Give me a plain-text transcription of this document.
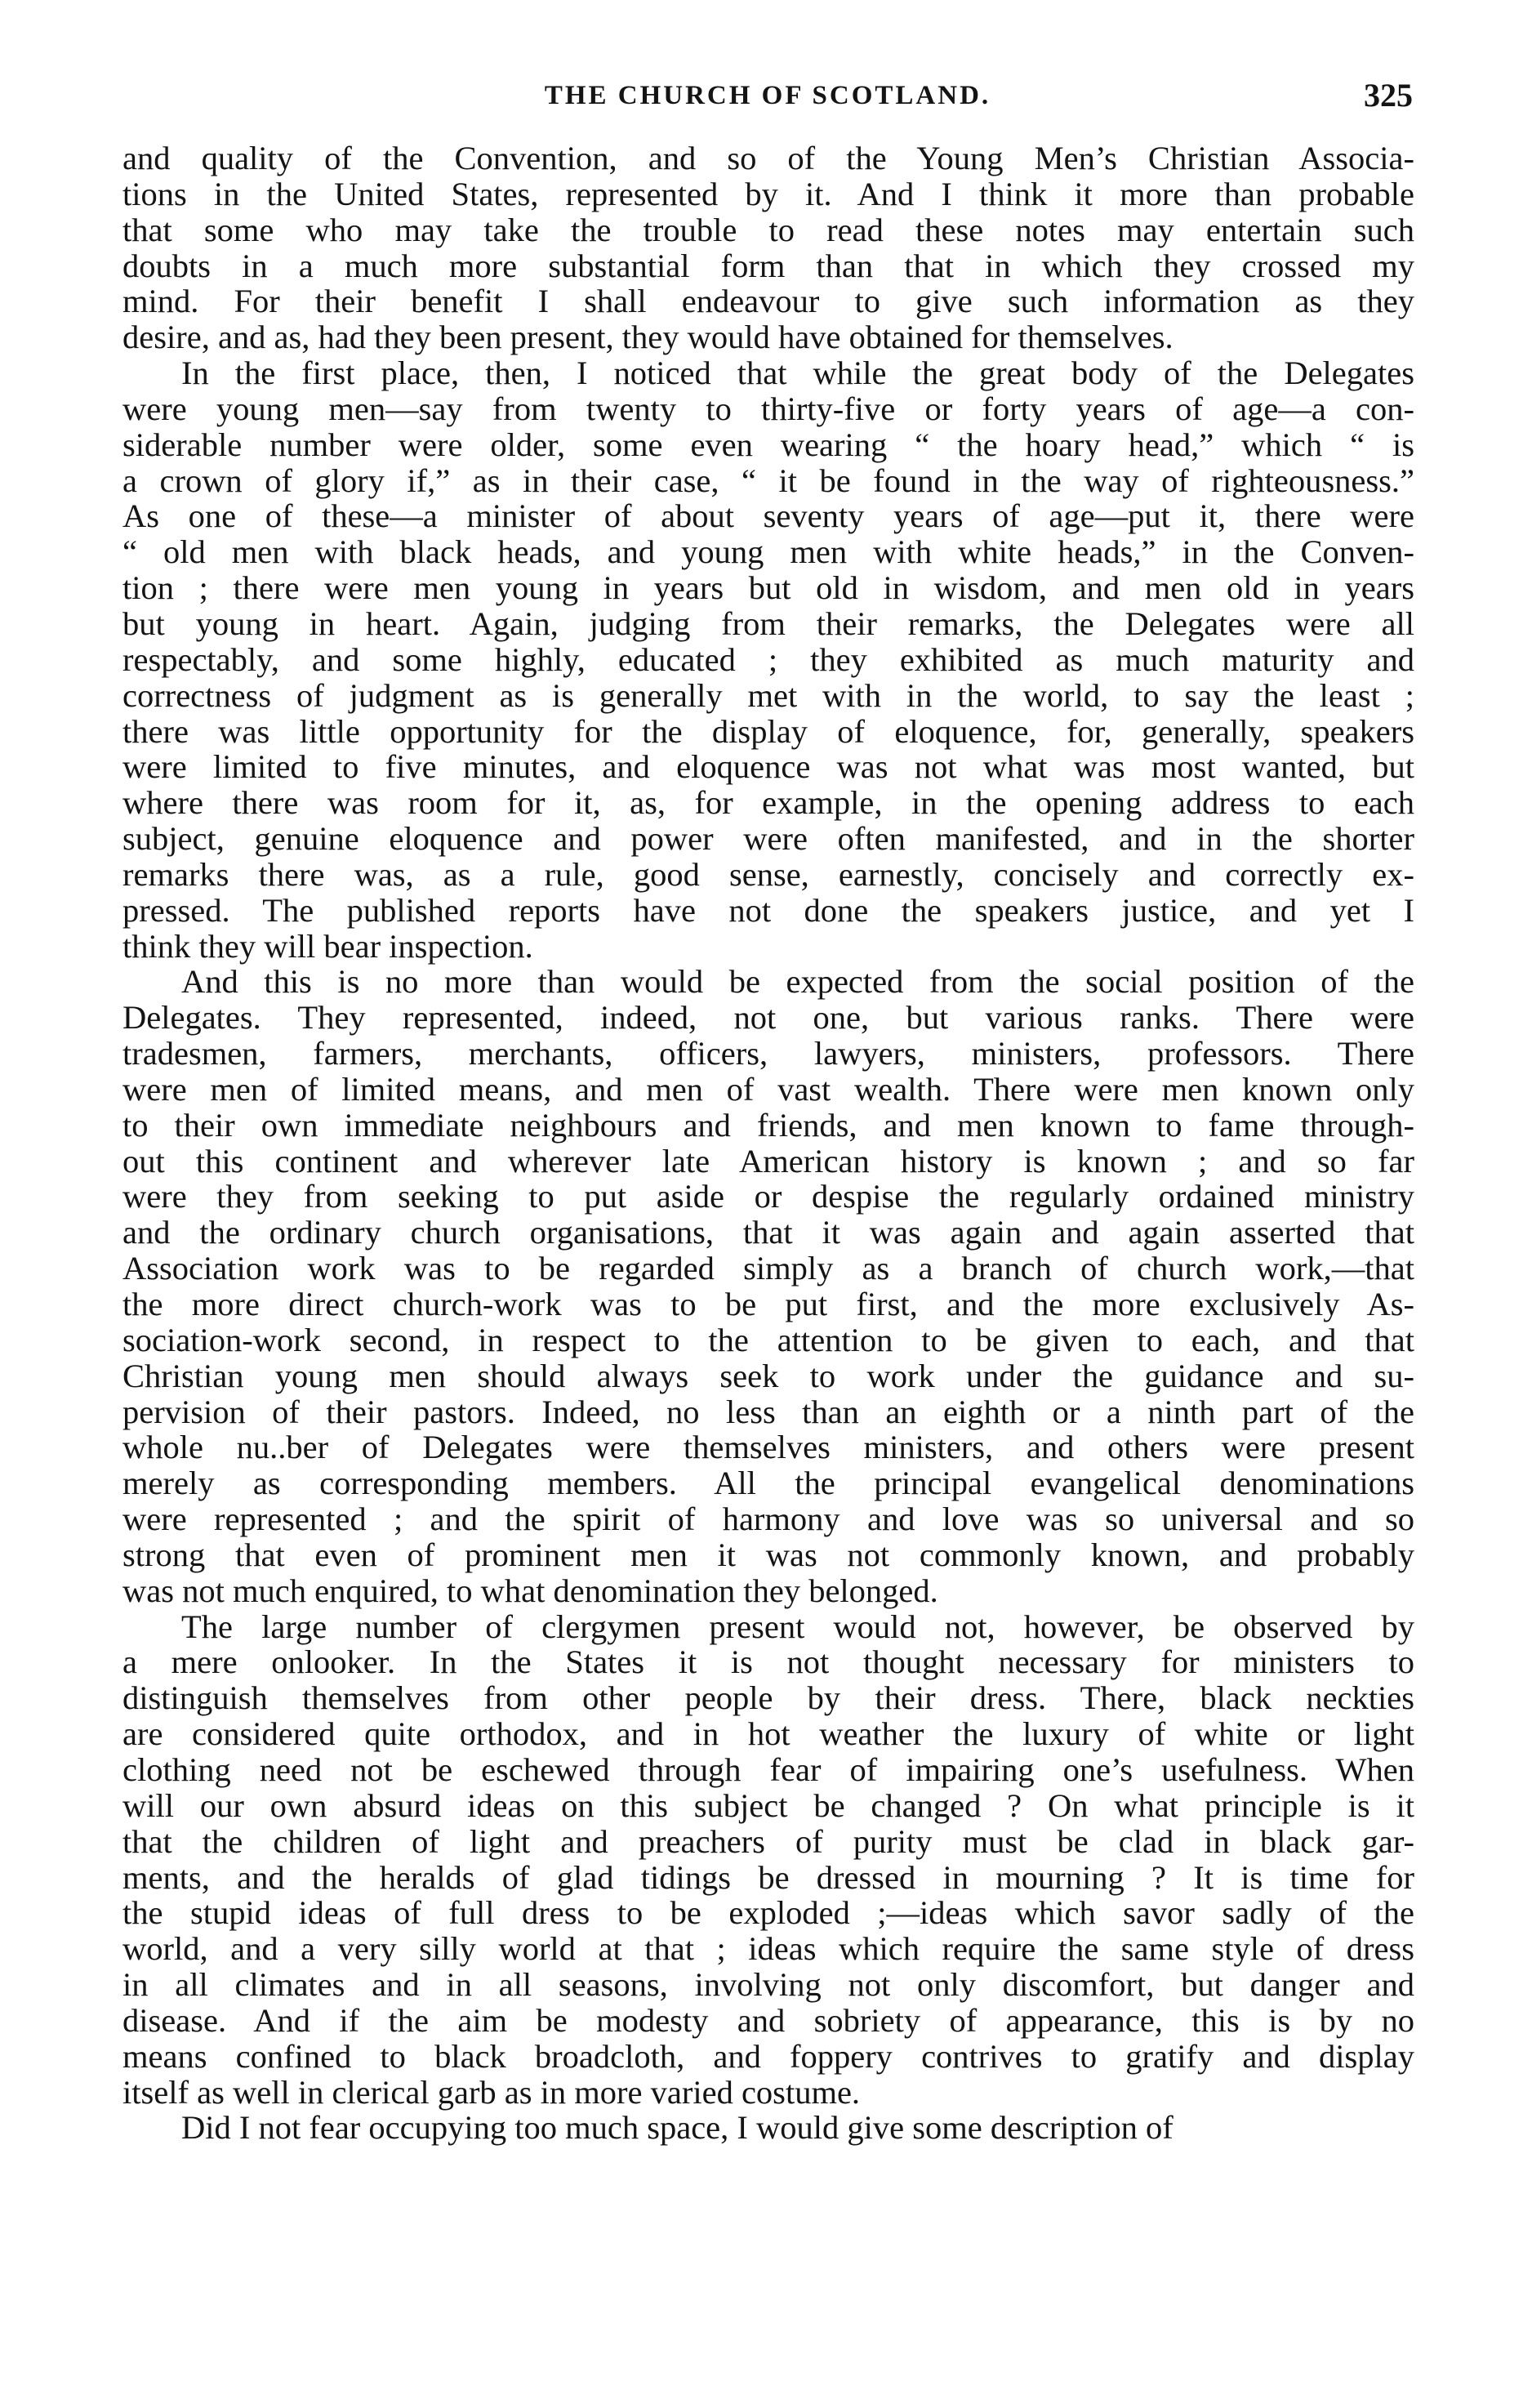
THE CHURCH OF SCOTLAND.	325
and quality of the Convention, and so of the Young Men’s Christian Associa-
tions in the United States, represented by it. And I think it more than probable
that some who may take the trouble to read these notes may entertain such
doubts in a much more substantial form than that in which they crossed my
mind. For their benefit I shall endeavour to give such information as they
desire, and as, had they been present, they would have obtained for themselves.
In the first place, then, I noticed that while the great body of the Delegates
were young men—say from twenty to thirty-five or forty years of age—a con-
siderable number were older, some even wearing “ the hoary head,” which “ is
a crown of glory if,” as in their case, “ it be found in the way of righteousness.”
As one of these—a minister of about seventy years of age—put it, there were
“ old men with black heads, and young men with white heads,” in the Conven-
tion ; there were men young in years but old in wisdom, and men old in years
but young in heart. Again, judging from their remarks, the Delegates were all
respectably, and some highly, educated ; they exhibited as much maturity and
correctness of judgment as is generally met with in the world, to say the least ;
there was little opportunity for the display of eloquence, for, generally, speakers
were limited to five minutes, and eloquence was not what was most wanted, but
where there was room for it, as, for example, in the opening address to each
subject, genuine eloquence and power were often manifested, and in the shorter
remarks there was, as a rule, good sense, earnestly, concisely and correctly ex-
pressed. The published reports have not done the speakers justice, and yet I
think they will bear inspection.
And this is no more than would be expected from the social position of the
Delegates. They represented, indeed, not one, but various ranks. There were
tradesmen, farmers, merchants, officers, lawyers, ministers, professors. There
were men of limited means, and men of vast wealth. There were men known only
to their own immediate neighbours and friends, and men known to fame through-
out this continent and wherever late American history is known ; and so far
were they from seeking to put aside or despise the regularly ordained ministry
and the ordinary church organisations, that it was again and again asserted that
Association work was to be regarded simply as a branch of church work,—that
the more direct church-work was to be put first, and the more exclusively As-
sociation-work second, in respect to the attention to be given to each, and that
Christian young men should always seek to work under the guidance and su-
pervision of their pastors. Indeed, no less than an eighth or a ninth part of the
whole nu..ber of Delegates were themselves ministers, and others were present
merely as corresponding members. All the principal evangelical denominations
were represented ; and the spirit of harmony and love was so universal and so
strong that even of prominent men it was not commonly known, and probably
was not much enquired, to what denomination they belonged.
The large number of clergymen present would not, however, be observed by
a mere onlooker. In the States it is not thought necessary for ministers to
distinguish themselves from other people by their dress. There, black neckties
are considered quite orthodox, and in hot weather the luxury of white or light
clothing need not be eschewed through fear of impairing one’s usefulness. When
will our own absurd ideas on this subject be changed ? On what principle is it
that the children of light and preachers of purity must be clad in black gar-
ments, and the heralds of glad tidings be dressed in mourning ? It is time for
the stupid ideas of full dress to be exploded ;—ideas which savor sadly of the
world, and a very silly world at that ; ideas which require the same style of dress
in all climates and in all seasons, involving not only discomfort, but danger and
disease. And if the aim be modesty and sobriety of appearance, this is by no
means confined to black broadcloth, and foppery contrives to gratify and display
itself as well in clerical garb as in more varied costume.
Did I not fear occupying too much space, I would give some description of
